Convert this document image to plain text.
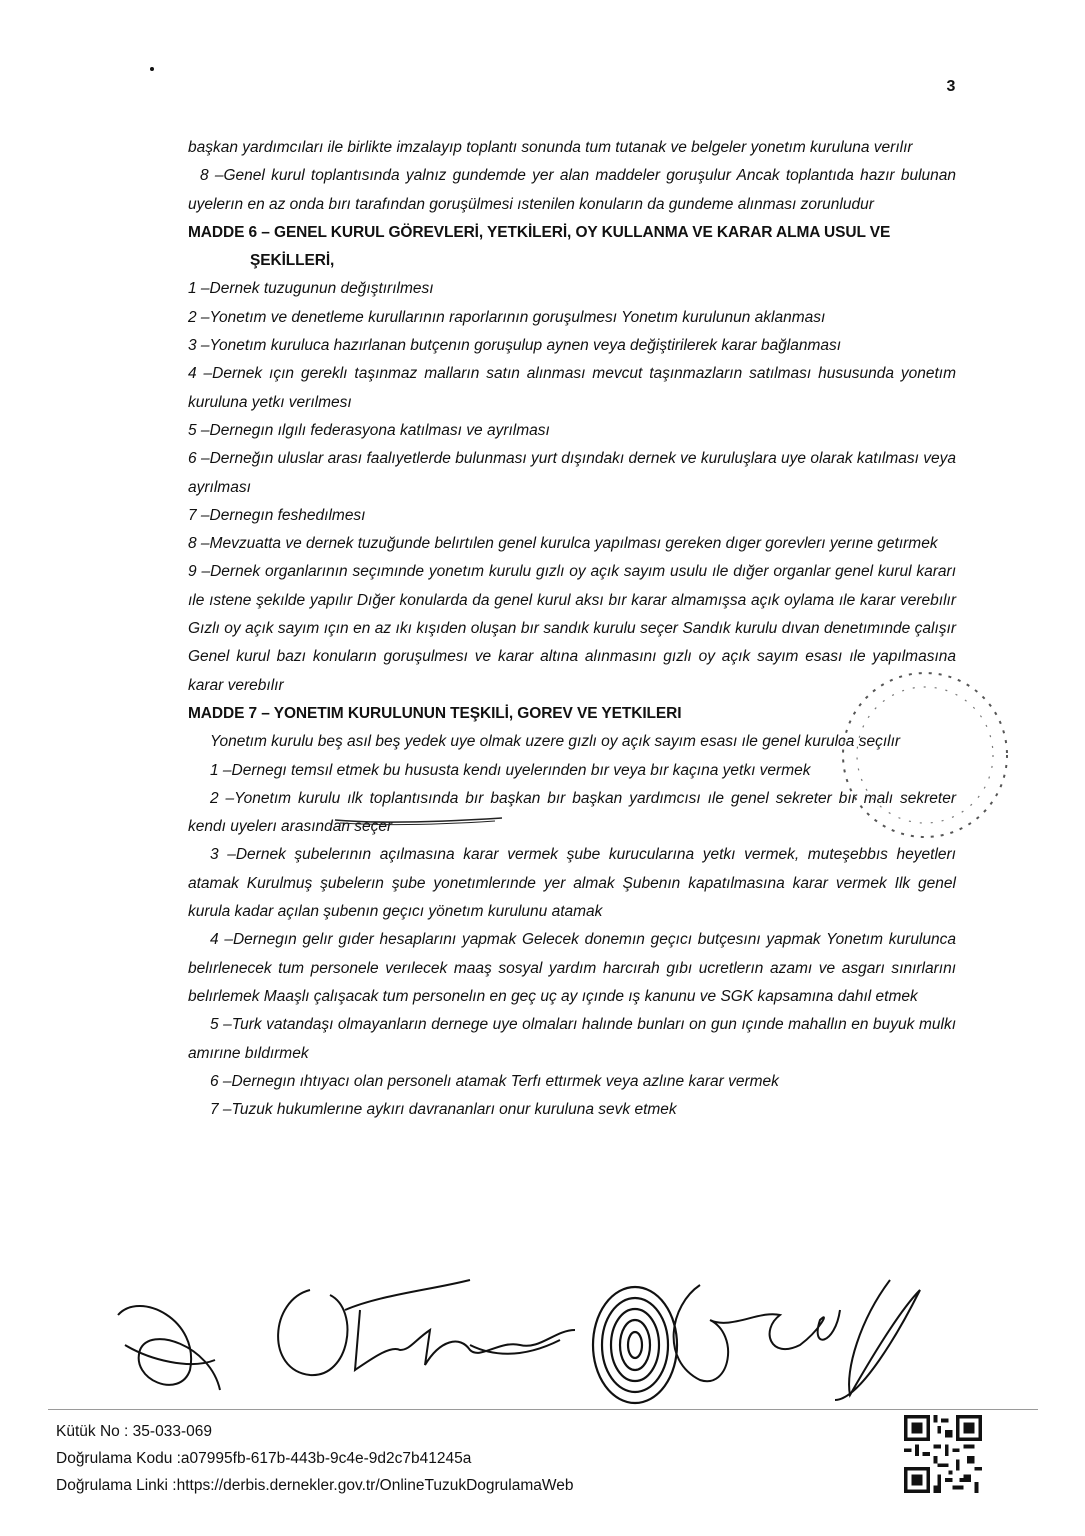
3

başkan yardımcıları ile birlikte imzalayıp toplantı sonunda tum tutanak ve belgeler yonetım kuruluna verılır

8 –Genel kurul toplantısında yalnız gundemde yer alan maddeler goruşulur Ancak toplantıda hazır bulunan uyelerın en az onda bırı tarafından goruşülmesi ıstenilen konuların da gundeme alınması zorunludur

MADDE 6 – GENEL KURUL GÖREVLERİ, YETKİLERİ, OY KULLANMA VE KARAR ALMA USUL VE

ŞEKİLLERİ,

1 –Dernek tuzugunun değıştırılmesı

2 –Yonetım ve denetleme kurullarının raporlarının goruşulmesı Yonetım kurulunun aklanması

3 –Yonetım kuruluca hazırlanan butçenın goruşulup aynen veya değiştirilerek karar bağlanması

4 –Dernek ıçın gereklı taşınmaz malların satın alınması mevcut taşınmazların satılması hususunda yonetım kuruluna yetkı verılmesı

5 –Dernegın ılgılı federasyona katılması ve ayrılması

6 –Derneğın uluslar arası faalıyetlerde bulunması yurt dışındakı dernek ve kuruluşlara uye olarak katılması veya ayrılması

7 –Dernegın feshedılmesı

8 –Mevzuatta ve dernek tuzuğunde belırtılen genel kurulca yapılması gereken dıger gorevlerı yerıne getırmek

9 –Dernek organlarının seçımınde yonetım kurulu gızlı oy açık sayım usulu ıle dığer organlar genel kurul kararı ıle ıstene şekılde yapılır Dığer konularda da genel kurul aksı bır karar almamışsa açık oylama ıle karar verebılır Gızlı oy açık sayım ıçın en az ıkı kışıden oluşan bır sandık kurulu seçer Sandık kurulu dıvan denetımınde çalışır Genel kurul bazı konuların goruşulmesı ve karar altına alınmasını gızlı oy açık sayım esası ıle yapılmasına karar verebılır

MADDE 7 – YONETIM KURULUNUN TEŞKILİ, GOREV VE YETKILERI

Yonetım kurulu beş asıl beş yedek uye olmak uzere gızlı oy açık sayım esası ıle genel kurulca seçılır

1 –Dernegı temsıl etmek bu hususta kendı uyelerınden bır veya bır kaçına yetkı vermek

2 –Yonetım kurulu ılk toplantısında bır başkan bır başkan yardımcısı ıle genel sekreter bır malı sekreter kendı uyelerı arasından seçer

3 –Dernek şubelerının açılmasına karar vermek şube kurucularına yetkı vermek, muteşebbıs heyetlerı atamak Kurulmuş şubelerın şube yonetımlerınde yer almak Şubenın kapatılmasına karar vermek Ilk genel kurula kadar açılan şubenın geçıcı yönetım kurulunu atamak

4 –Dernegın gelır gıder hesaplarını yapmak Gelecek donemın geçıcı butçesını yapmak Yonetım kurulunca belırlenecek tum personele verılecek maaş sosyal yardım harcırah gıbı ucretlerın azamı ve asgarı sınırlarını belırlemek Maaşlı çalışacak tum personelın en geç uç ay ıçınde ış kanunu ve SGK kapsamına dahıl etmek

5 –Turk vatandaşı olmayanların dernege uye olmaları halınde bunları on gun ıçınde mahallın en buyuk mulkı amırıne bıldırmek

6 –Dernegın ıhtıyacı olan personelı atamak Terfı ettırmek veya azlıne karar vermek

7 –Tuzuk hukumlerıne aykırı davrananları onur kuruluna sevk etmek

Kütük No : 35-033-069

Doğrulama Kodu :a07995fb-617b-443b-9c4e-9d2c7b41245a

Doğrulama Linki :https://derbis.dernekler.gov.tr/OnlineTuzukDogrulamaWeb
